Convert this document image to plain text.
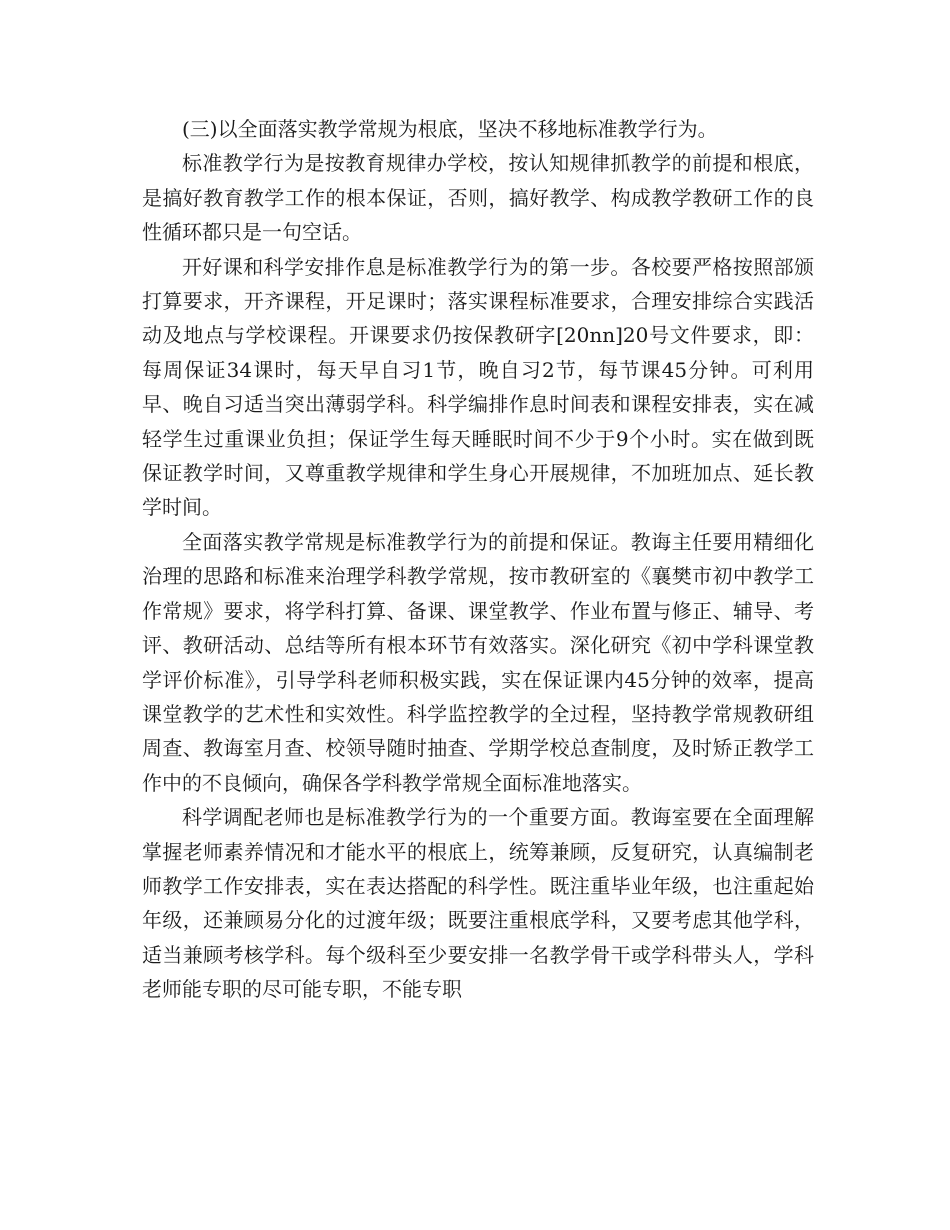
(三)以全面落实教学常规为根底，坚决不移地标准教学行为。

标准教学行为是按教育规律办学校，按认知规律抓教学的前提和根底，是搞好教育教学工作的根本保证，否则，搞好教学、构成教学教研工作的良性循环都只是一句空话。

开好课和科学安排作息是标准教学行为的第一步。各校要严格按照部颁打算要求，开齐课程，开足课时；落实课程标准要求，合理安排综合实践活动及地点与学校课程。开课要求仍按保教研字[20nn]20号文件要求，即：每周保证34课时，每天早自习1节，晚自习2节，每节课45分钟。可利用早、晚自习适当突出薄弱学科。科学编排作息时间表和课程安排表，实在减轻学生过重课业负担；保证学生每天睡眠时间不少于9个小时。实在做到既保证教学时间，又尊重教学规律和学生身心开展规律，不加班加点、延长教学时间。

全面落实教学常规是标准教学行为的前提和保证。教诲主任要用精细化治理的思路和标准来治理学科教学常规，按市教研室的《襄樊市初中教学工作常规》要求，将学科打算、备课、课堂教学、作业布置与修正、辅导、考评、教研活动、总结等所有根本环节有效落实。深化研究《初中学科课堂教学评价标准》，引导学科老师积极实践，实在保证课内45分钟的效率，提高课堂教学的艺术性和实效性。科学监控教学的全过程，坚持教学常规教研组周查、教诲室月查、校领导随时抽查、学期学校总查制度，及时矫正教学工作中的不良倾向，确保各学科教学常规全面标准地落实。

科学调配老师也是标准教学行为的一个重要方面。教诲室要在全面理解掌握老师素养情况和才能水平的根底上，统筹兼顾，反复研究，认真编制老师教学工作安排表，实在表达搭配的科学性。既注重毕业年级，也注重起始年级，还兼顾易分化的过渡年级；既要注重根底学科，又要考虑其他学科，适当兼顾考核学科。每个级科至少要安排一名教学骨干或学科带头人，学科老师能专职的尽可能专职，不能专职
